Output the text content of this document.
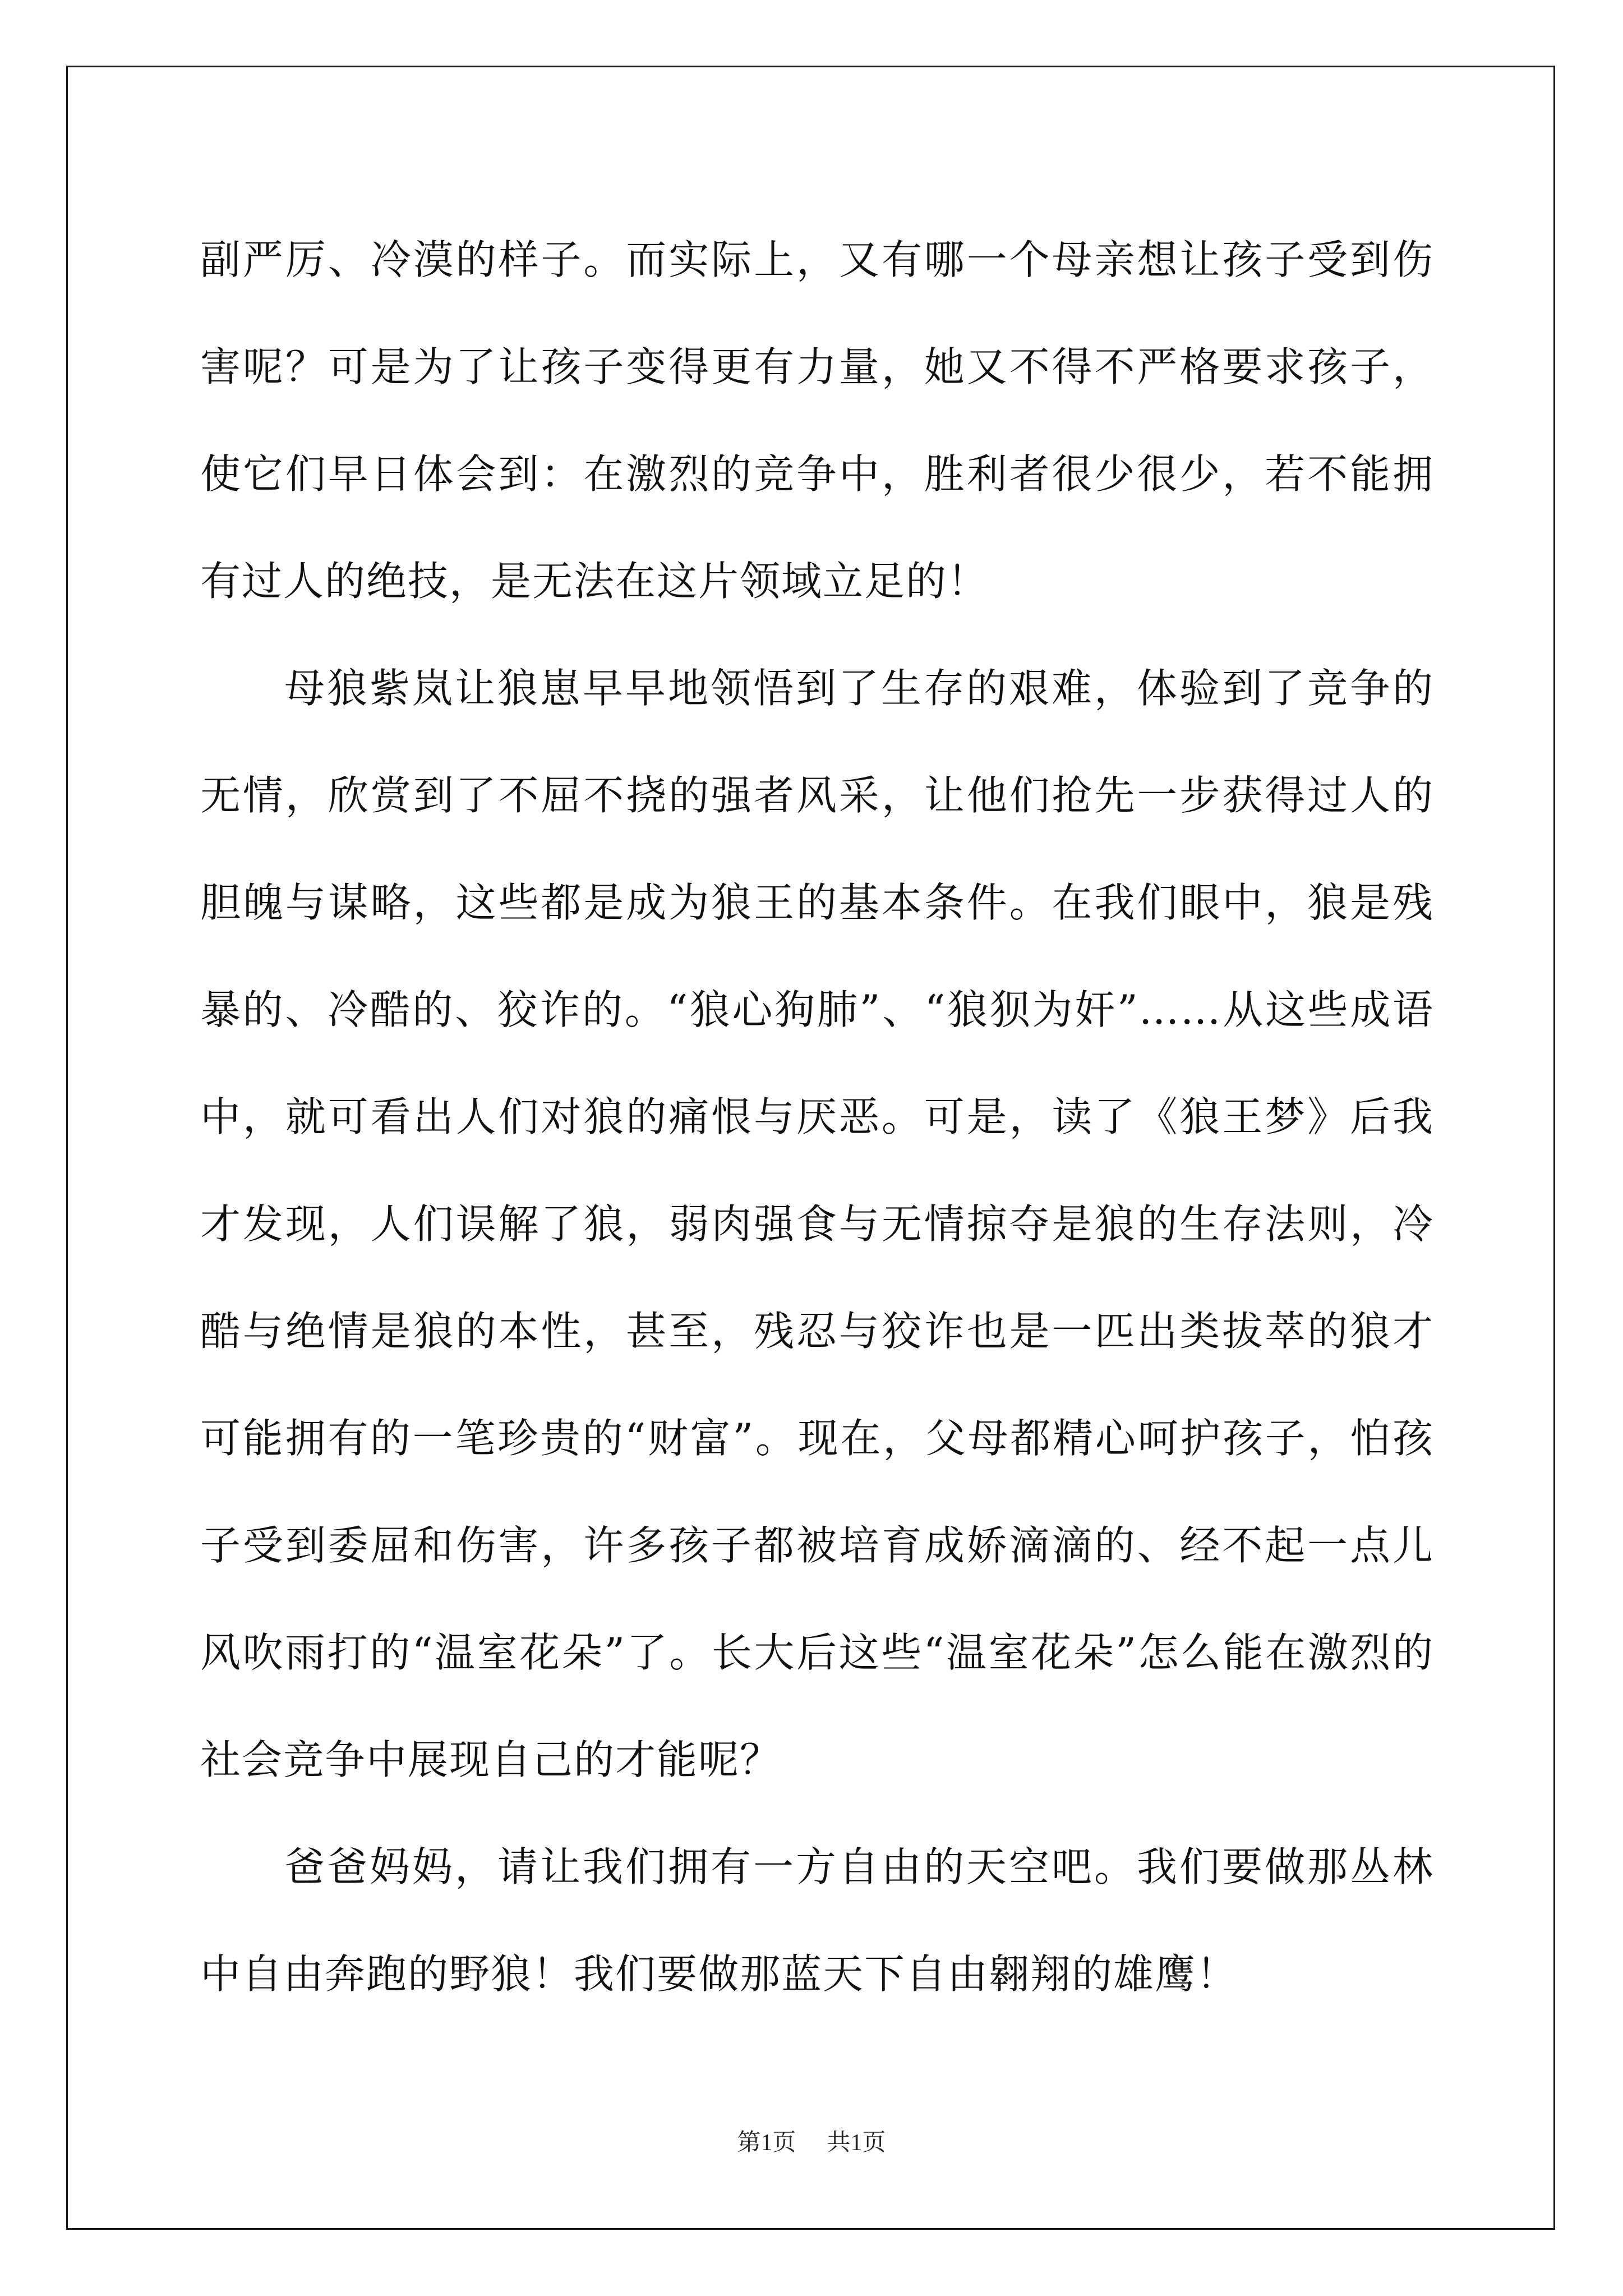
副严厉、冷漠的样子。而实际上，又有哪一个母亲想让孩子受到伤害呢？可是为了让孩子变得更有力量，她又不得不严格要求孩子，使它们早日体会到：在激烈的竞争中，胜利者很少很少，若不能拥有过人的绝技，是无法在这片领域立足的！

母狼紫岚让狼崽早早地领悟到了生存的艰难，体验到了竞争的无情，欣赏到了不屈不挠的强者风采，让他们抢先一步获得过人的胆魄与谋略，这些都是成为狼王的基本条件。在我们眼中，狼是残暴的、冷酷的、狡诈的。“狼心狗肺”、“狼狈为奸”……从这些成语中，就可看出人们对狼的痛恨与厌恶。可是，读了《狼王梦》后我才发现，人们误解了狼，弱肉强食与无情掠夺是狼的生存法则，冷酷与绝情是狼的本性，甚至，残忍与狡诈也是一匹出类拔萃的狼才可能拥有的一笔珍贵的“财富”。现在，父母都精心呵护孩子，怕孩子受到委屈和伤害，许多孩子都被培育成娇滴滴的、经不起一点儿风吹雨打的“温室花朵”了。长大后这些“温室花朵”怎么能在激烈的社会竞争中展现自己的才能呢？

爸爸妈妈，请让我们拥有一方自由的天空吧。我们要做那丛林中自由奔跑的野狼！我们要做那蓝天下自由翱翔的雄鹰！

第1页 共1页
